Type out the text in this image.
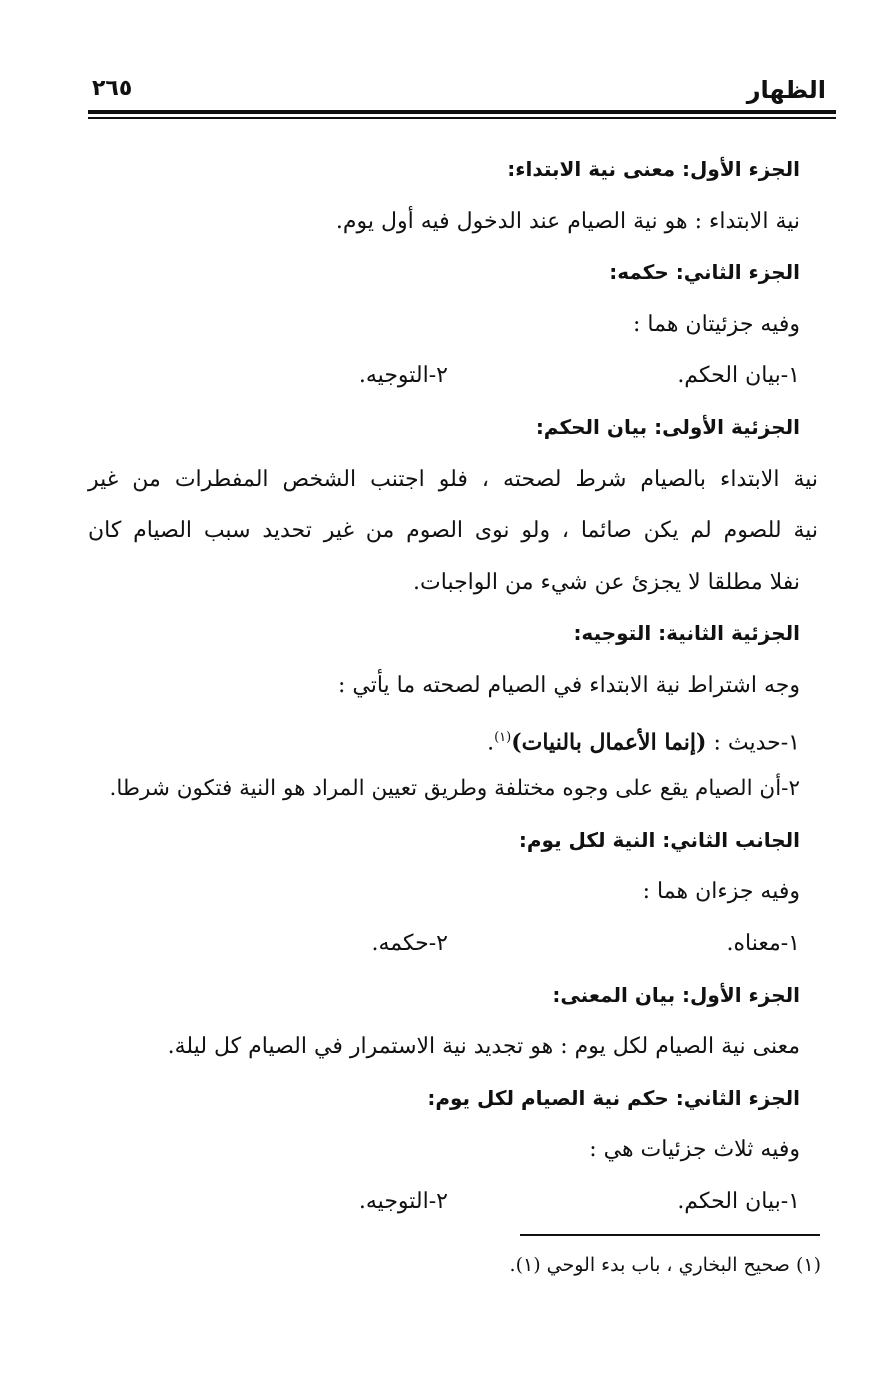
الظهار
٢٦٥
الجزء الأول: معنى نية الابتداء:
نية الابتداء : هو نية الصيام عند الدخول فيه أول يوم.
الجزء الثاني: حكمه:
وفيه جزئيتان هما :
١-بيان الحكم.
٢-التوجيه.
الجزئية الأولى: بيان الحكم:
نية الابتداء بالصيام شرط لصحته ، فلو اجتنب الشخص المفطرات من غير
نية للصوم لم يكن صائما ، ولو نوى الصوم من غير تحديد سبب الصيام كان
نفلا مطلقا لا يجزئ عن شيء من الواجبات.
الجزئية الثانية: التوجيه:
وجه اشتراط نية الابتداء في الصيام لصحته ما يأتي :
١-حديث : (إنما الأعمال بالنيات)$^{(١)}$.
٢-أن الصيام يقع على وجوه مختلفة وطريق تعيين المراد هو النية فتكون شرطا.
الجانب الثاني: النية لكل يوم:
وفيه جزءان هما :
١-معناه.
٢-حكمه.
الجزء الأول: بيان المعنى:
معنى نية الصيام لكل يوم : هو تجديد نية الاستمرار في الصيام كل ليلة.
الجزء الثاني: حكم نية الصيام لكل يوم:
وفيه ثلاث جزئيات هي :
١-بيان الحكم.
٢-التوجيه.
(١) صحيح البخاري ، باب بدء الوحي (١).
